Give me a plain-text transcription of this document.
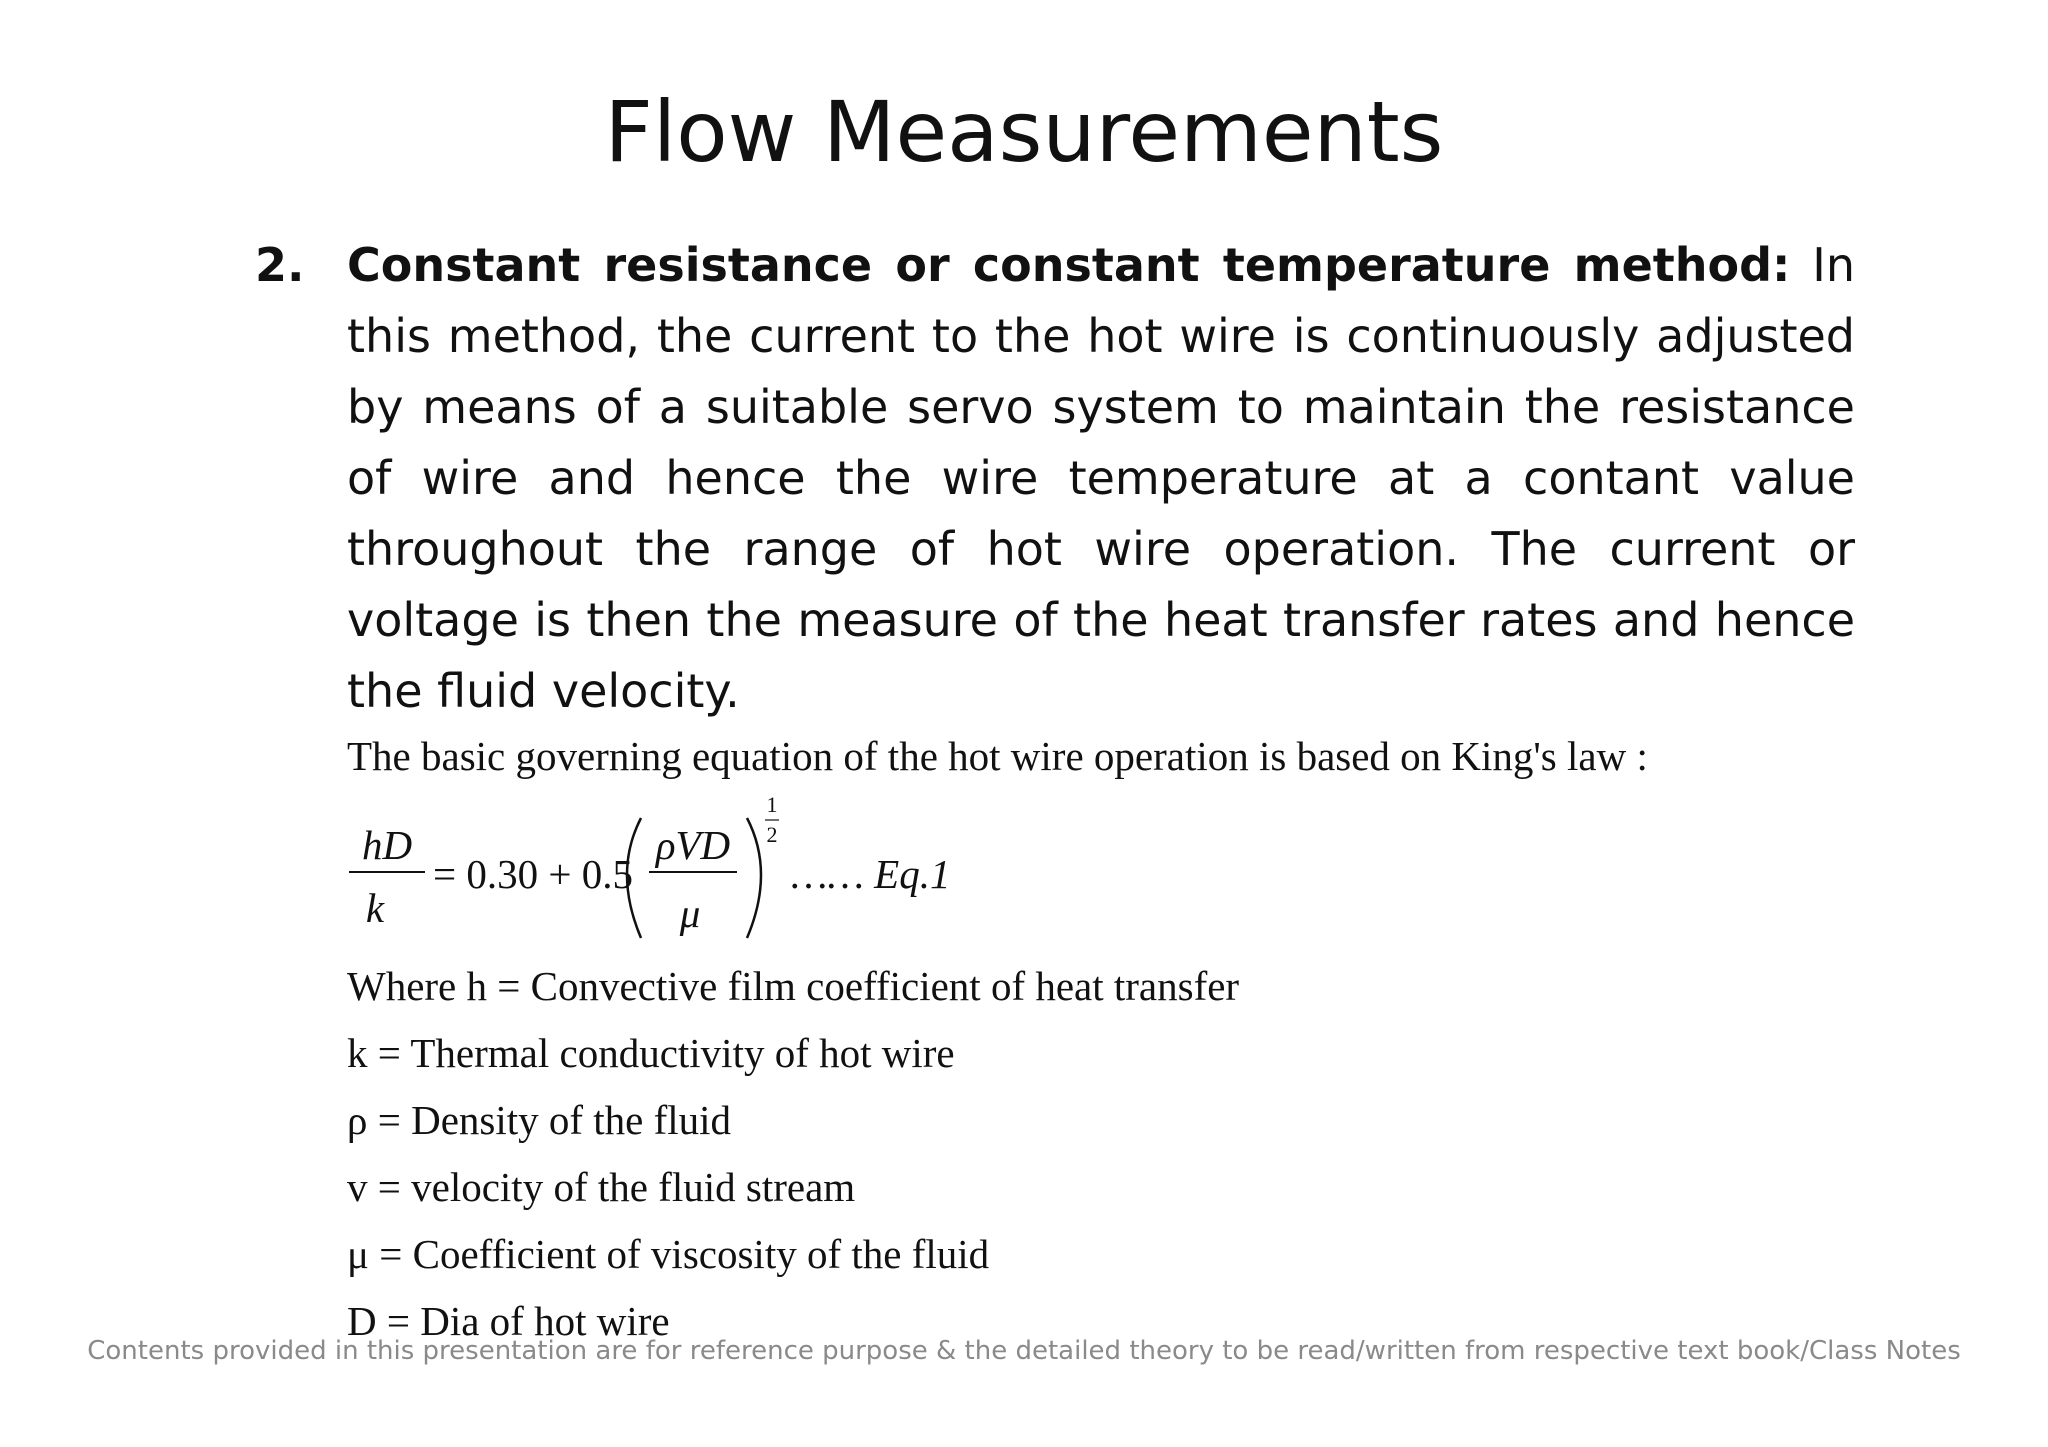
Flow Measurements
2. Constant resistance or constant temperature method: In this method, the current to the hot wire is continuously adjusted by means of a suitable servo system to maintain the resistance of wire and hence the wire temperature at a contant value throughout the range of hot wire operation. The current or voltage is then the measure of the heat transfer rates and hence the fluid velocity.
The basic governing equation of the hot wire operation is based on King's law :
hD
k
= 0.30 + 0.5
ρVD
μ
1
2
…… Eq.1
Where h = Convective film coefficient of heat transfer
k = Thermal conductivity of hot wire
ρ = Density of the fluid
v = velocity of the fluid stream
μ = Coefficient of viscosity of the fluid
D = Dia of hot wire
Contents provided in this presentation are for reference purpose & the detailed theory to be read/written from respective text book/Class Notes
